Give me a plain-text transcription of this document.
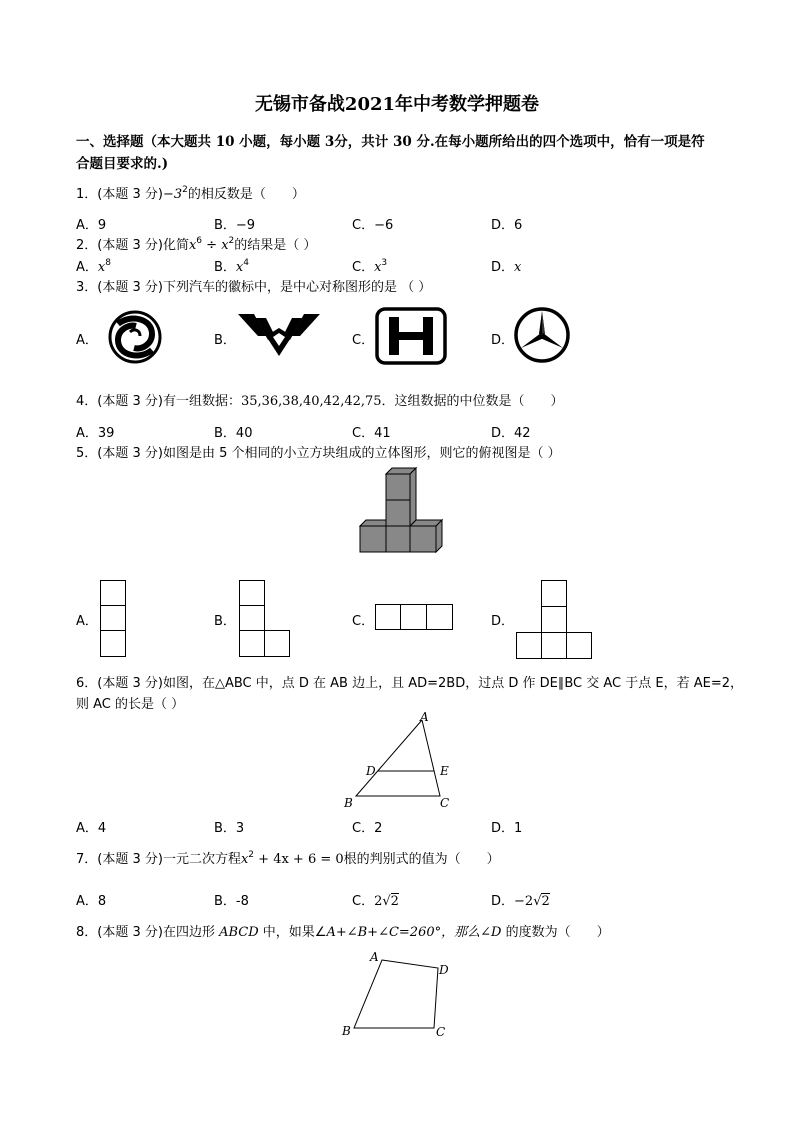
无锡市备战2021年中考数学押题卷
一、选择题（本大题共 10 小题，每小题 3分，共计 30 分.在每小题所给出的四个选项中，恰有一项是符
合题目要求的.)
1．(本题 3 分)$-3^2$的相反数是（　　）
A．9	B．−9	C．−6	D．6
2．(本题 3 分)化简$x^6 \div x^2$的结果是（ ）
A．$x^8$	B．$x^4$	C．$x^3$	D．x
3．(本题 3 分)下列汽车的徽标中，是中心对称图形的是 （ ）
A．	B．	C．	D．
4．(本题 3 分)有一组数据：35,36,38,40,42,42,75．这组数据的中位数是（　　）
A．39	B．40	C．41	D．42
5．(本题 3 分)如图是由 5 个相同的小立方块组成的立体图形，则它的俯视图是（ ）
A．	B．	C．	D．
6．(本题 3 分)如图，在△ABC 中，点 D 在 AB 边上，且 AD=2BD，过点 D 作 DE∥BC 交 AC 于点 E，若 AE=2，
则 AC 的长是（ ）
A
D	E
B	C
A．4	B．3	C．2	D．1
7．(本题 3 分)一元二次方程$x^2 + 4x + 6 = 0$根的判别式的值为（　　）
A．8	B．-8	C．2√2	D．−2√2
8．(本题 3 分)在四边形 ABCD 中，如果∠A+∠B+∠C=260°，那么∠D 的度数为（　　）
A
D
B	C
